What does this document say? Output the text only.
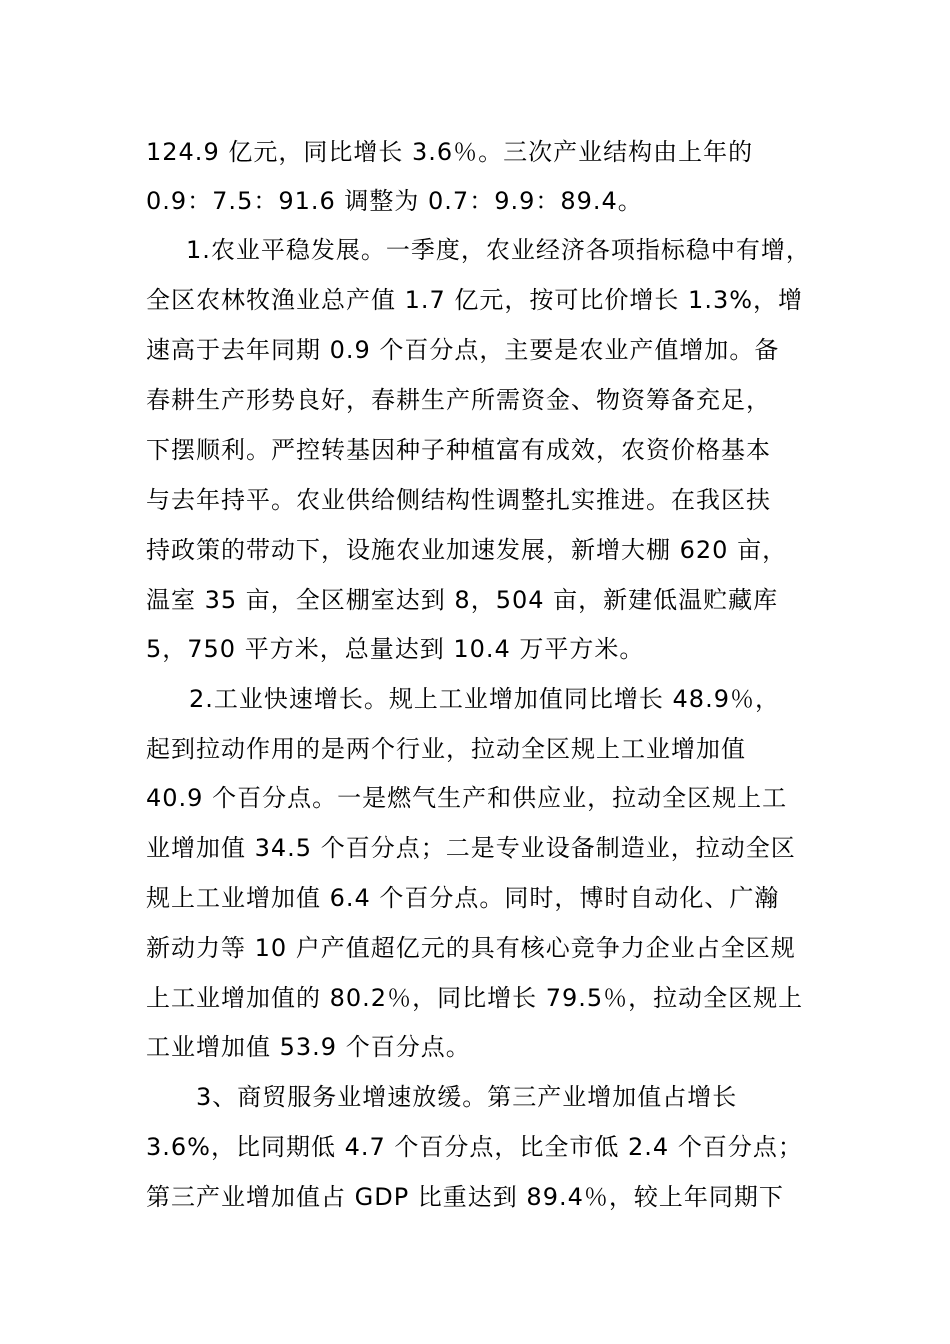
124.9 亿元，同比增长 3.6％。三次产业结构由上年的
0.9：7.5：91.6 调整为 0.7：9.9：89.4。
1.农业平稳发展。一季度，农业经济各项指标稳中有增，
全区农林牧渔业总产值 1.7 亿元，按可比价增长 1.3%，增
速高于去年同期 0.9 个百分点，主要是农业产值增加。备
春耕生产形势良好，春耕生产所需资金、物资筹备充足，
下摆顺利。严控转基因种子种植富有成效，农资价格基本
与去年持平。农业供给侧结构性调整扎实推进。在我区扶
持政策的带动下，设施农业加速发展，新增大棚 620 亩，
温室 35 亩，全区棚室达到 8，504 亩，新建低温贮藏库
5，750 平方米，总量达到 10.4 万平方米。
2.工业快速增长。规上工业增加值同比增长 48.9％，
起到拉动作用的是两个行业，拉动全区规上工业增加值
40.9 个百分点。一是燃气生产和供应业，拉动全区规上工
业增加值 34.5 个百分点；二是专业设备制造业，拉动全区
规上工业增加值 6.4 个百分点。同时，博时自动化、广瀚
新动力等 10 户产值超亿元的具有核心竞争力企业占全区规
上工业增加值的 80.2％，同比增长 79.5％，拉动全区规上
工业增加值 53.9 个百分点。
3、商贸服务业增速放缓。第三产业增加值占增长
3.6%，比同期低 4.7 个百分点，比全市低 2.4 个百分点；
第三产业增加值占 GDP 比重达到 89.4％，较上年同期下
